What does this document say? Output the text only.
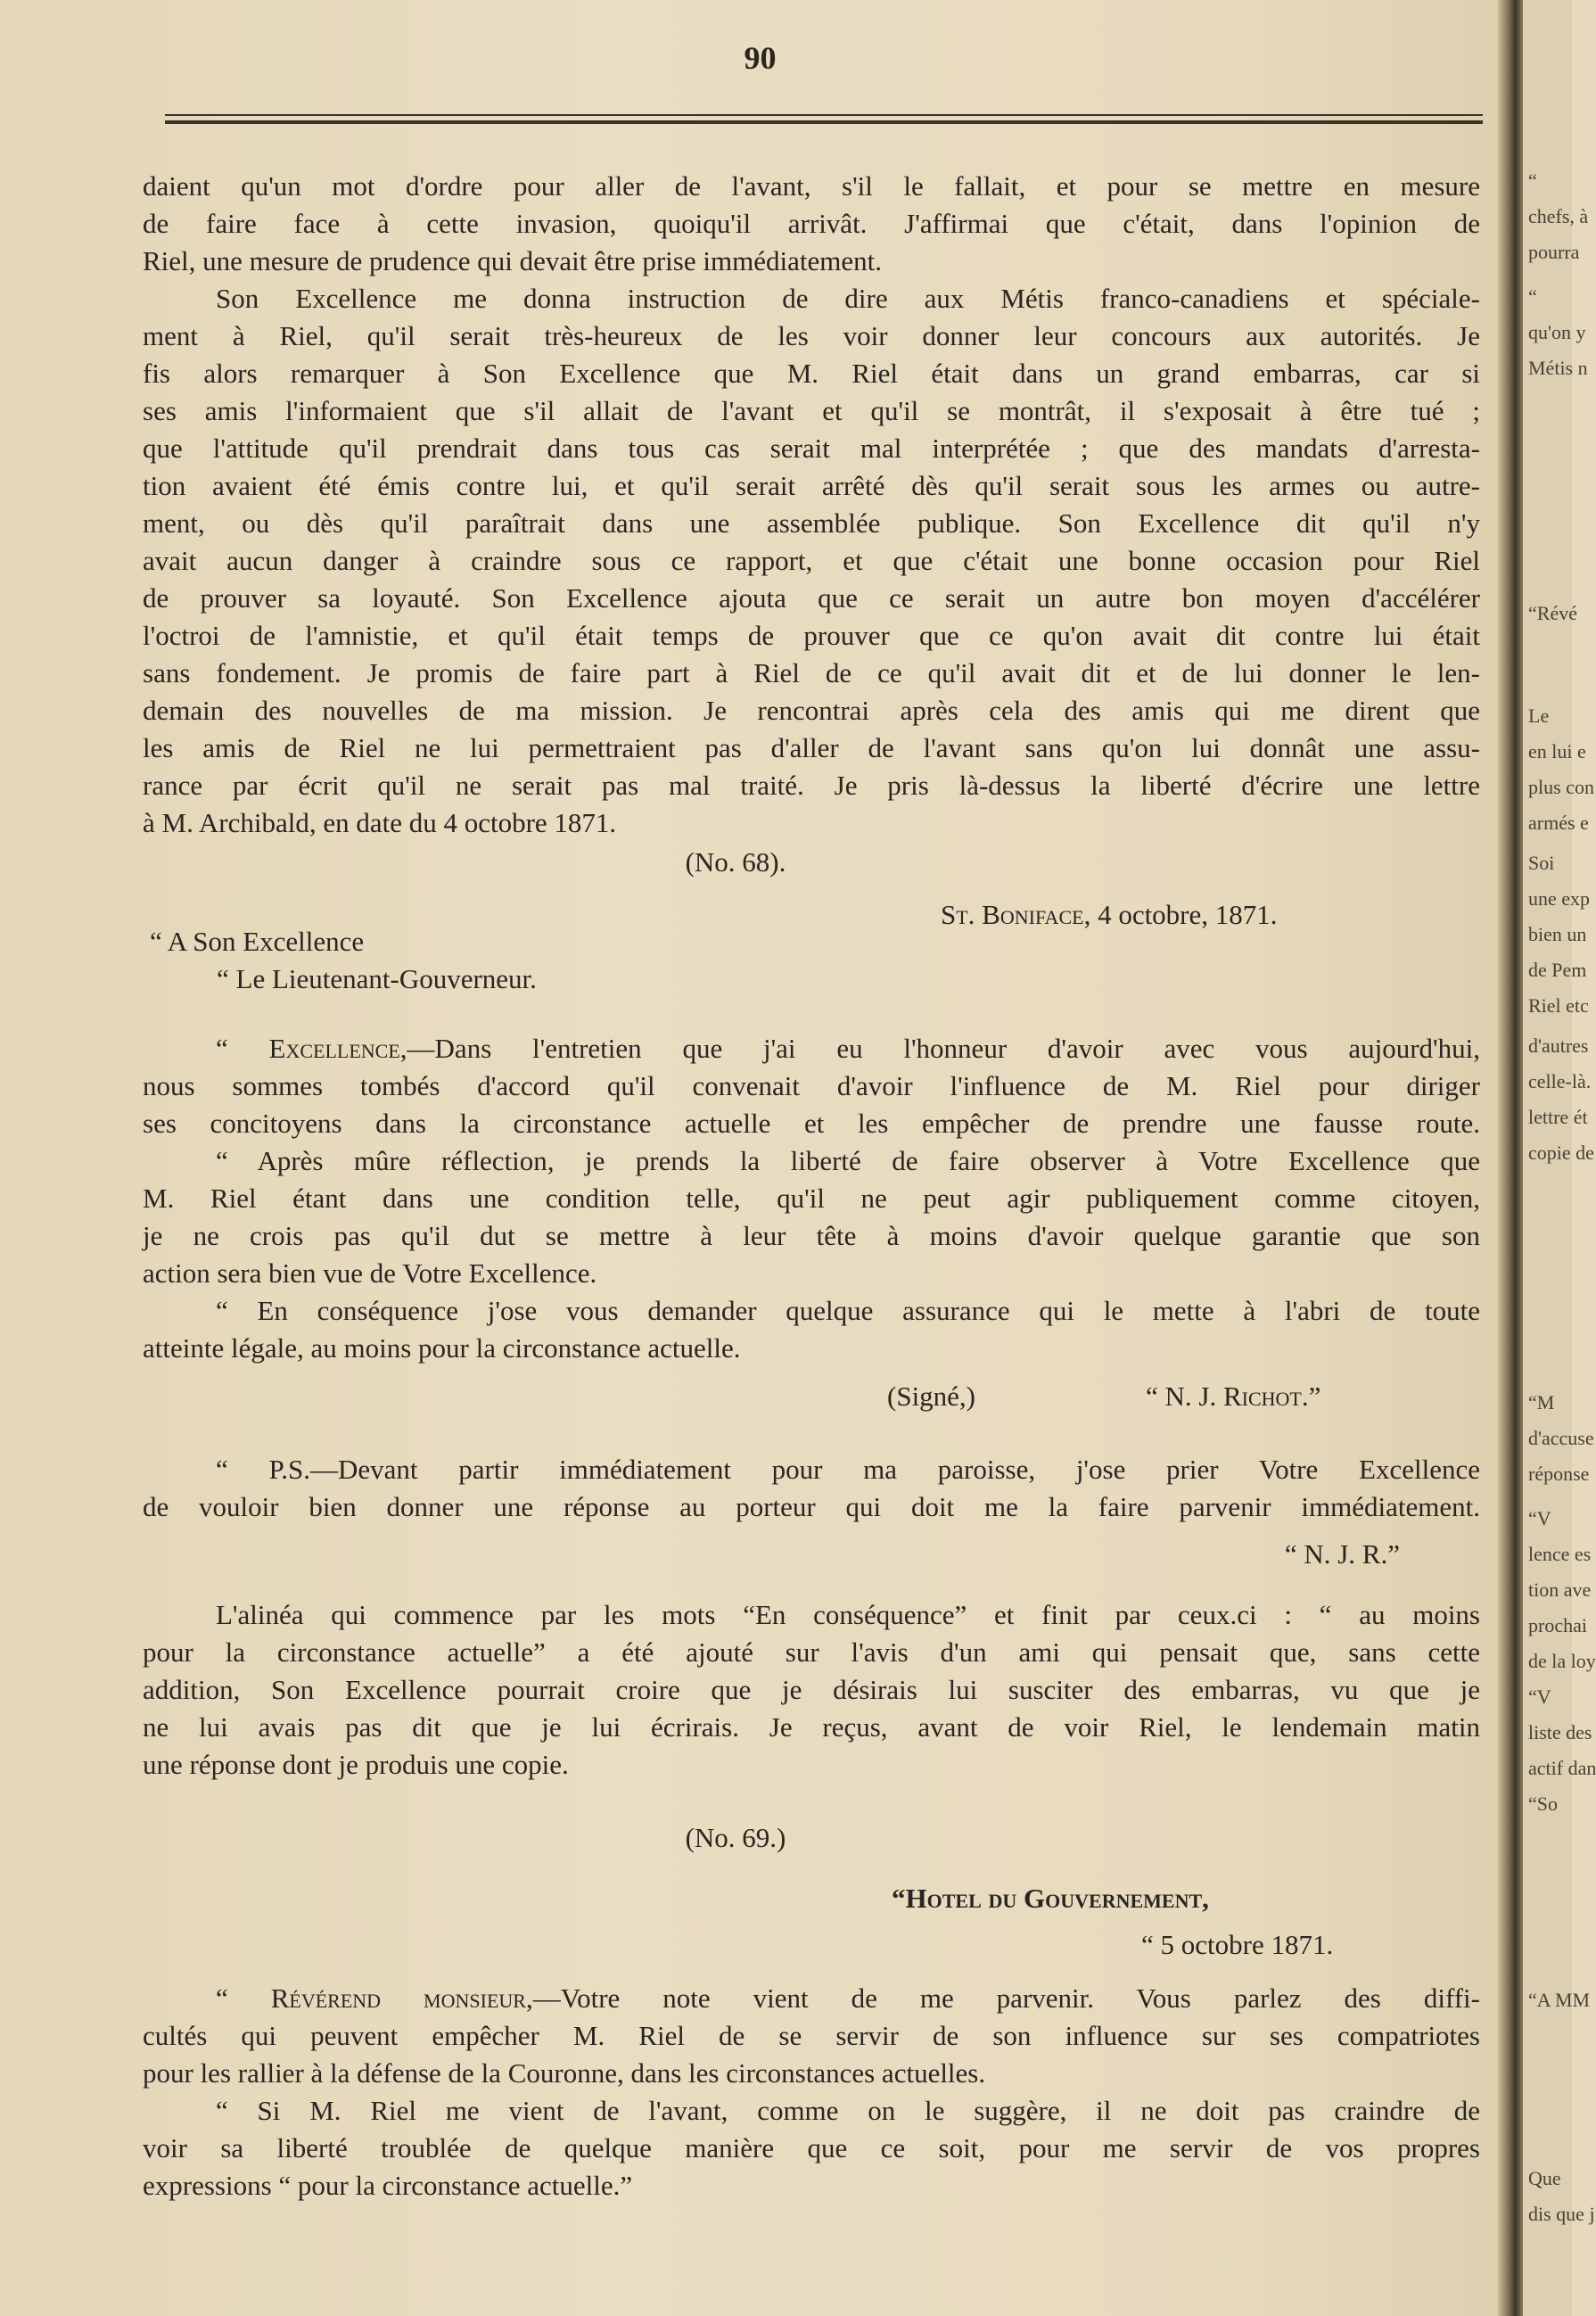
“
chefs, à
pourra
“
qu'on y
Métis n
“Révé
Le
en lui e
plus con
armés e
Soi
une exp
bien un
de Pem
Riel etc
d'autres
celle-là.
lettre ét
copie de
“M
d'accuse
réponse
“V
lence es
tion ave
prochai
de la loy
“V
liste des
actif dan
“So
“A MM
Que
dis que j
90
daient qu'un mot d'ordre pour aller de l'avant, s'il le fallait, et pour se mettre en mesure
de faire face à cette invasion, quoiqu'il arrivât. J'affirmai que c'était, dans l'opinion de
Riel, une mesure de prudence qui devait être prise immédiatement.
Son Excellence me donna instruction de dire aux Métis franco-canadiens et spéciale-
ment à Riel, qu'il serait très-heureux de les voir donner leur concours aux autorités. Je
fis alors remarquer à Son Excellence que M. Riel était dans un grand embarras, car si
ses amis l'informaient que s'il allait de l'avant et qu'il se montrât, il s'exposait à être tué ;
que l'attitude qu'il prendrait dans tous cas serait mal interprétée ; que des mandats d'arresta-
tion avaient été émis contre lui, et qu'il serait arrêté dès qu'il serait sous les armes ou autre-
ment, ou dès qu'il paraîtrait dans une assemblée publique. Son Excellence dit qu'il n'y
avait aucun danger à craindre sous ce rapport, et que c'était une bonne occasion pour Riel
de prouver sa loyauté. Son Excellence ajouta que ce serait un autre bon moyen d'accélérer
l'octroi de l'amnistie, et qu'il était temps de prouver que ce qu'on avait dit contre lui était
sans fondement. Je promis de faire part à Riel de ce qu'il avait dit et de lui donner le len-
demain des nouvelles de ma mission. Je rencontrai après cela des amis qui me dirent que
les amis de Riel ne lui permettraient pas d'aller de l'avant sans qu'on lui donnât une assu-
rance par écrit qu'il ne serait pas mal traité. Je pris là-dessus la liberté d'écrire une lettre
à M. Archibald, en date du 4 octobre 1871.
(No. 68).
St. Boniface, 4 octobre, 1871.
“ A Son Excellence
“ Le Lieutenant-Gouverneur.
“ Excellence,—Dans l'entretien que j'ai eu l'honneur d'avoir avec vous aujourd'hui,
nous sommes tombés d'accord qu'il convenait d'avoir l'influence de M. Riel pour diriger
ses concitoyens dans la circonstance actuelle et les empêcher de prendre une fausse route.
“ Après mûre réflection, je prends la liberté de faire observer à Votre Excellence que
M. Riel étant dans une condition telle, qu'il ne peut agir publiquement comme citoyen,
je ne crois pas qu'il dut se mettre à leur tête à moins d'avoir quelque garantie que son
action sera bien vue de Votre Excellence.
“ En conséquence j'ose vous demander quelque assurance qui le mette à l'abri de toute
atteinte légale, au moins pour la circonstance actuelle.
(Signé,)	“ N. J. Richot.”
“ P.S.—Devant partir immédiatement pour ma paroisse, j'ose prier Votre Excellence
de vouloir bien donner une réponse au porteur qui doit me la faire parvenir immédiatement.
“ N. J. R.”
L'alinéa qui commence par les mots “En conséquence” et finit par ceux.ci : “ au moins
pour la circonstance actuelle” a été ajouté sur l'avis d'un ami qui pensait que, sans cette
addition, Son Excellence pourrait croire que je désirais lui susciter des embarras, vu que je
ne lui avais pas dit que je lui écrirais. Je reçus, avant de voir Riel, le lendemain matin
une réponse dont je produis une copie.
(No. 69.)
“Hotel du Gouvernement,
“ 5 octobre 1871.
“ Révérend monsieur,—Votre note vient de me parvenir. Vous parlez des diffi-
cultés qui peuvent empêcher M. Riel de se servir de son influence sur ses compatriotes
pour les rallier à la défense de la Couronne, dans les circonstances actuelles.
“ Si M. Riel me vient de l'avant, comme on le suggère, il ne doit pas craindre de
voir sa liberté troublée de quelque manière que ce soit, pour me servir de vos propres
expressions “ pour la circonstance actuelle.”
